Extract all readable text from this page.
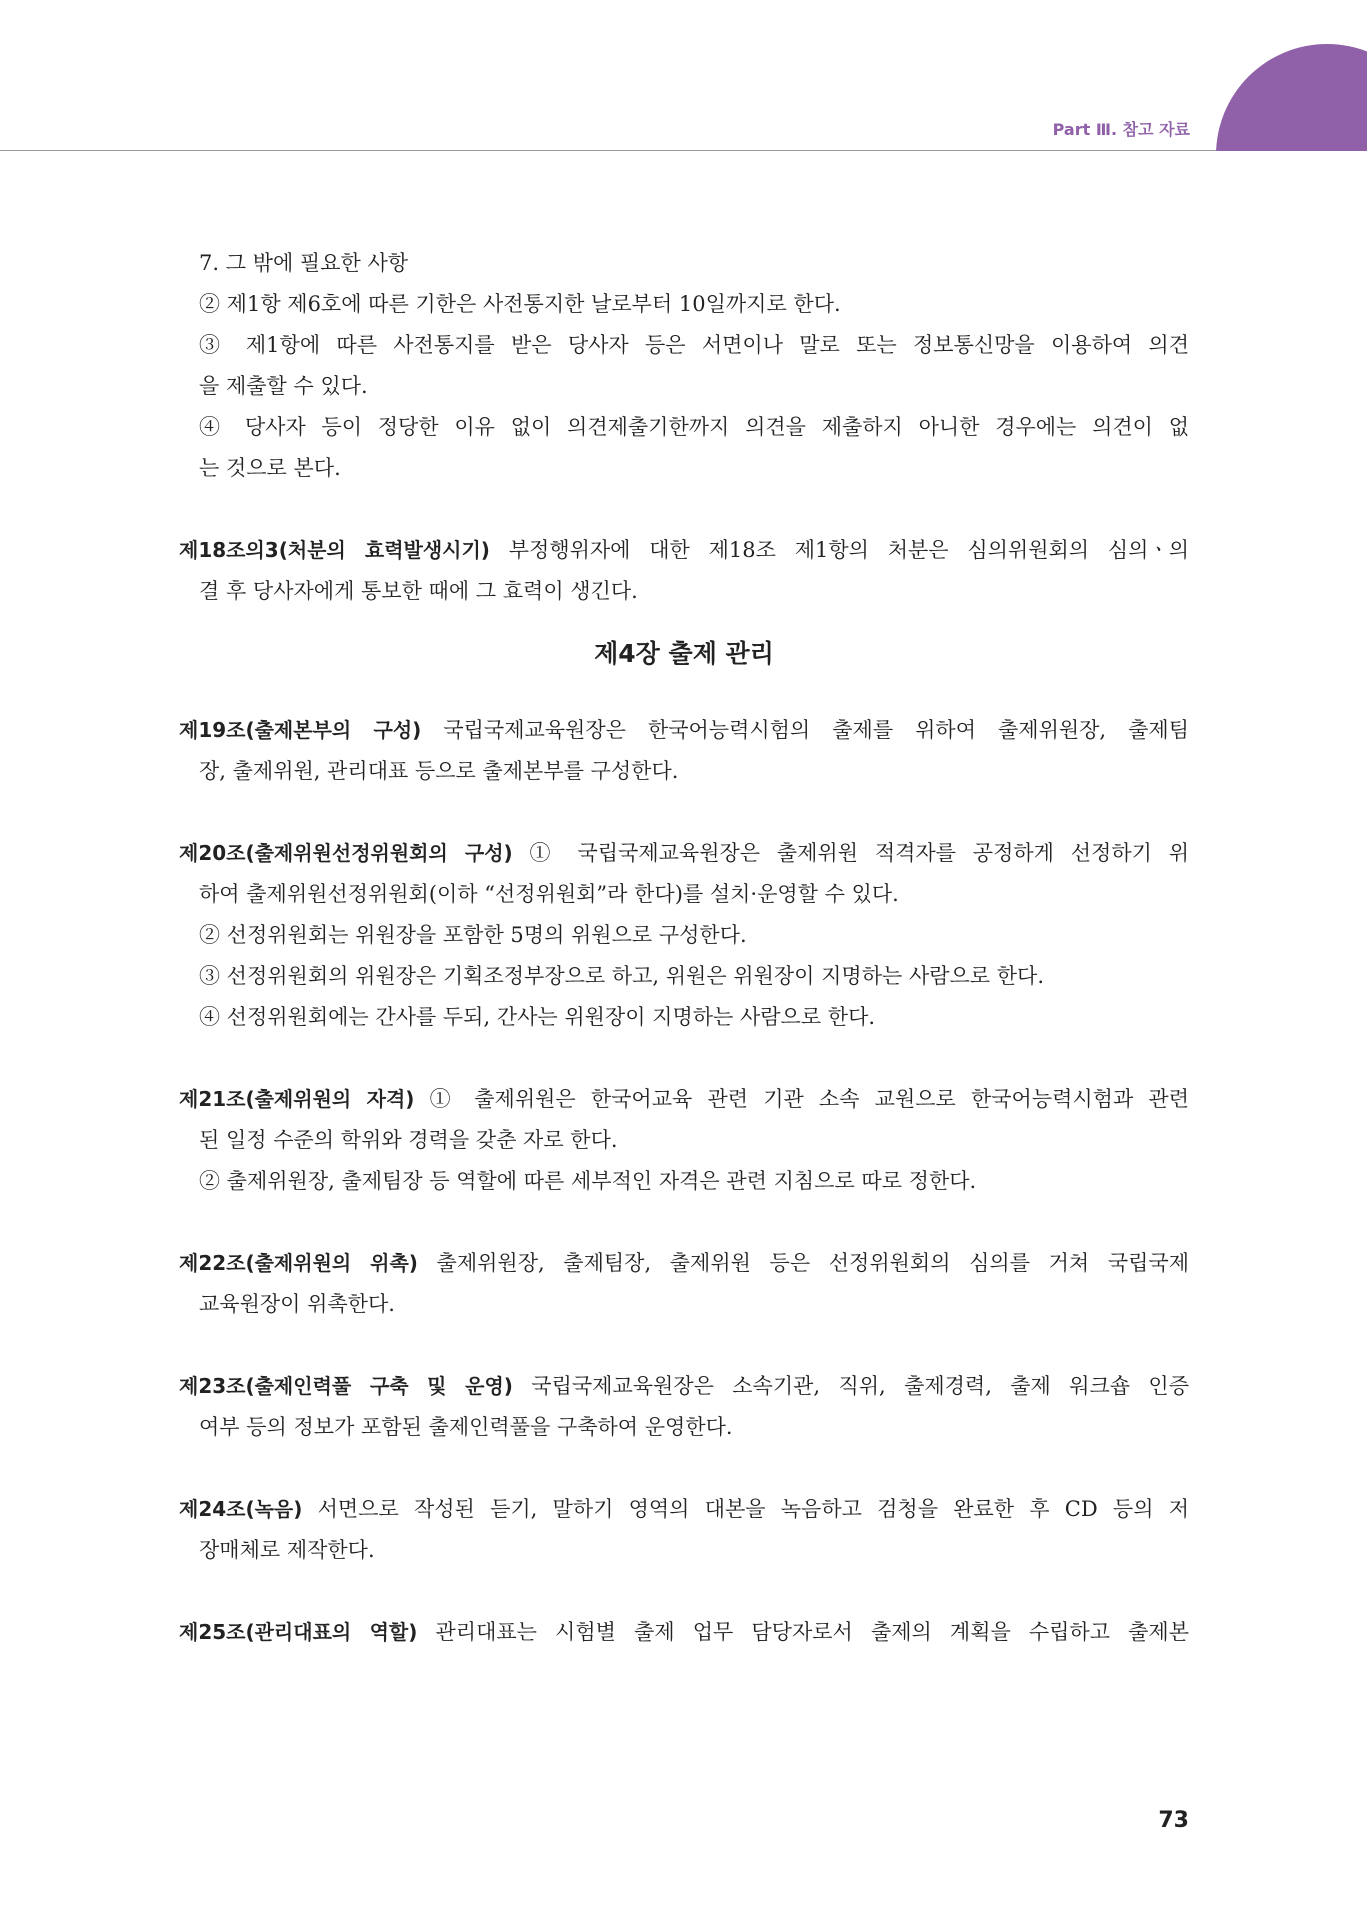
Part Ⅲ. 참고 자료
7. 그 밖에 필요한 사항
② 제1항 제6호에 따른 기한은 사전통지한 날로부터 10일까지로 한다.
③ 제1항에 따른 사전통지를 받은 당사자 등은 서면이나 말로 또는 정보통신망을 이용하여 의견
을 제출할 수 있다.
④ 당사자 등이 정당한 이유 없이 의견제출기한까지 의견을 제출하지 아니한 경우에는 의견이 없
는 것으로 본다.
제18조의3(처분의 효력발생시기) 부정행위자에 대한 제18조 제1항의 처분은 심의위원회의 심의ㆍ의
결 후 당사자에게 통보한 때에 그 효력이 생긴다.
제4장 출제 관리
제19조(출제본부의 구성) 국립국제교육원장은 한국어능력시험의 출제를 위하여 출제위원장, 출제팀
장, 출제위원, 관리대표 등으로 출제본부를 구성한다.
제20조(출제위원선정위원회의 구성) ① 국립국제교육원장은 출제위원 적격자를 공정하게 선정하기 위
하여 출제위원선정위원회(이하 “선정위원회”라 한다)를 설치·운영할 수 있다.
② 선정위원회는 위원장을 포함한 5명의 위원으로 구성한다.
③ 선정위원회의 위원장은 기획조정부장으로 하고, 위원은 위원장이 지명하는 사람으로 한다.
④ 선정위원회에는 간사를 두되, 간사는 위원장이 지명하는 사람으로 한다.
제21조(출제위원의 자격) ① 출제위원은 한국어교육 관련 기관 소속 교원으로 한국어능력시험과 관련
된 일정 수준의 학위와 경력을 갖춘 자로 한다.
② 출제위원장, 출제팀장 등 역할에 따른 세부적인 자격은 관련 지침으로 따로 정한다.
제22조(출제위원의 위촉) 출제위원장, 출제팀장, 출제위원 등은 선정위원회의 심의를 거쳐 국립국제
교육원장이 위촉한다.
제23조(출제인력풀 구축 및 운영) 국립국제교육원장은 소속기관, 직위, 출제경력, 출제 워크숍 인증
여부 등의 정보가 포함된 출제인력풀을 구축하여 운영한다.
제24조(녹음) 서면으로 작성된 듣기, 말하기 영역의 대본을 녹음하고 검청을 완료한 후 CD 등의 저
장매체로 제작한다.
제25조(관리대표의 역할) 관리대표는 시험별 출제 업무 담당자로서 출제의 계획을 수립하고 출제본
73
